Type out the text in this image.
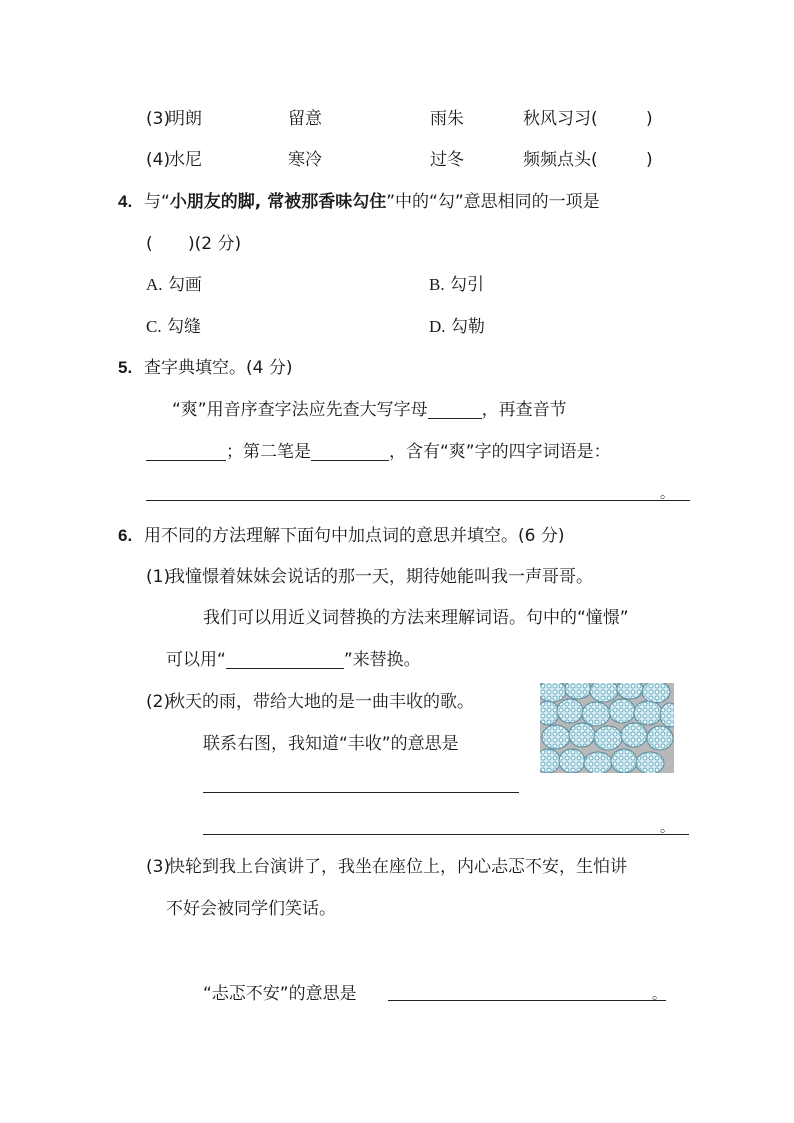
(3)
明朗	留意	雨朱	秋风习习(	)
(4)
水尼	寒冷	过冬	频频点头(	)
4. 与“小朋友的脚, 常被那香味勾住”中的“勾”意思相同的一项是
( )(2 分)
A. 勾画	B. 勾引
C. 勾缝	D. 勾勒
5. 查字典填空。(4 分)
“爽”用音序查字法应先查大写字母	，再查音节
；第二笔是	，含有“爽”字的四字词语是：
。
6. 用不同的方法理解下面句中加点词的意思并填空。(6 分)
(1)
我憧憬着妹妹会说话的那一天，期待她能叫我一声哥哥。
我们可以用近义词替换的方法来理解词语。句中的“憧憬”
可以用“	”来替换。
(2)
秋天的雨，带给大地的是一曲丰收的歌。
联系右图，我知道“丰收”的意思是
。
(3)
快轮到我上台演讲了，我坐在座位上，内心忐忑不安，生怕讲
不好会被同学们笑话。
“忐忑不安”的意思是	。
